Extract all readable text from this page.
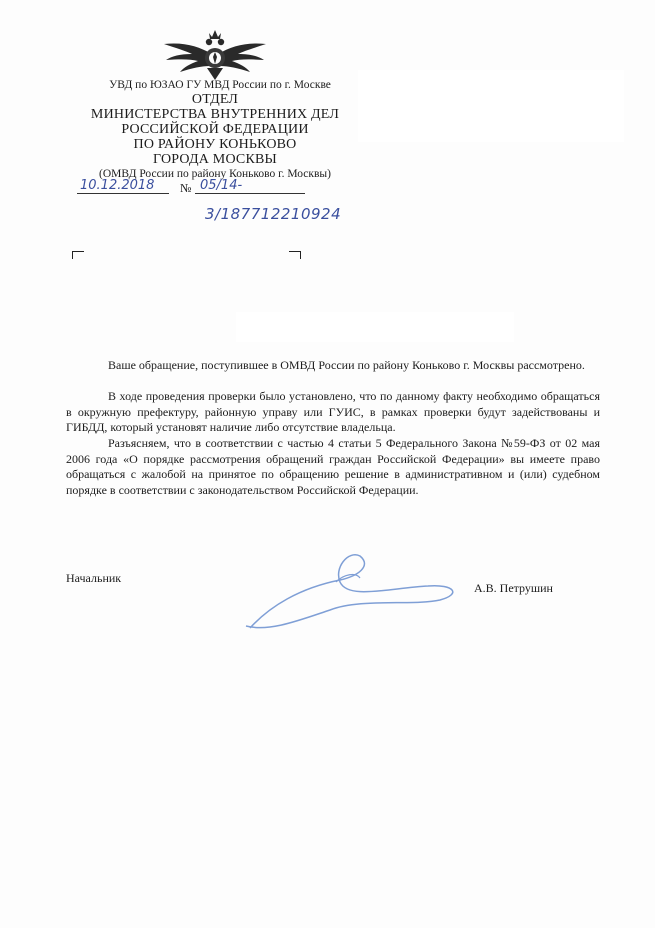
УВД по ЮЗАО ГУ МВД России по г. Москве
ОТДЕЛ
МИНИСТЕРСТВА ВНУТРЕННИХ ДЕЛ
РОССИЙСКОЙ ФЕДЕРАЦИИ
ПО РАЙОНУ КОНЬКОВО
ГОРОДА МОСКВЫ
(ОМВД России по району Коньково г. Москвы)
10.12.2018 № 05/14-
3/187712210924
Ваше обращение, поступившее в ОМВД России по району Коньково г. Москвы рассмотрено.
В ходе проведения проверки было установлено, что по данному факту необходимо обращаться в окружную префектуру, районную управу или ГУИС, в рамках проверки будут задействованы и ГИБДД, который установят наличие либо отсутствие владельца.
Разъясняем, что в соответствии с частью 4 статьи 5 Федерального Закона №59-ФЗ от 02 мая 2006 года «О порядке рассмотрения обращений граждан Российской Федерации» вы имеете право обращаться с жалобой на принятое по обращению решение в административном и (или) судебном порядке в соответствии с законодательством Российской Федерации.
Начальник
А.В. Петрушин
